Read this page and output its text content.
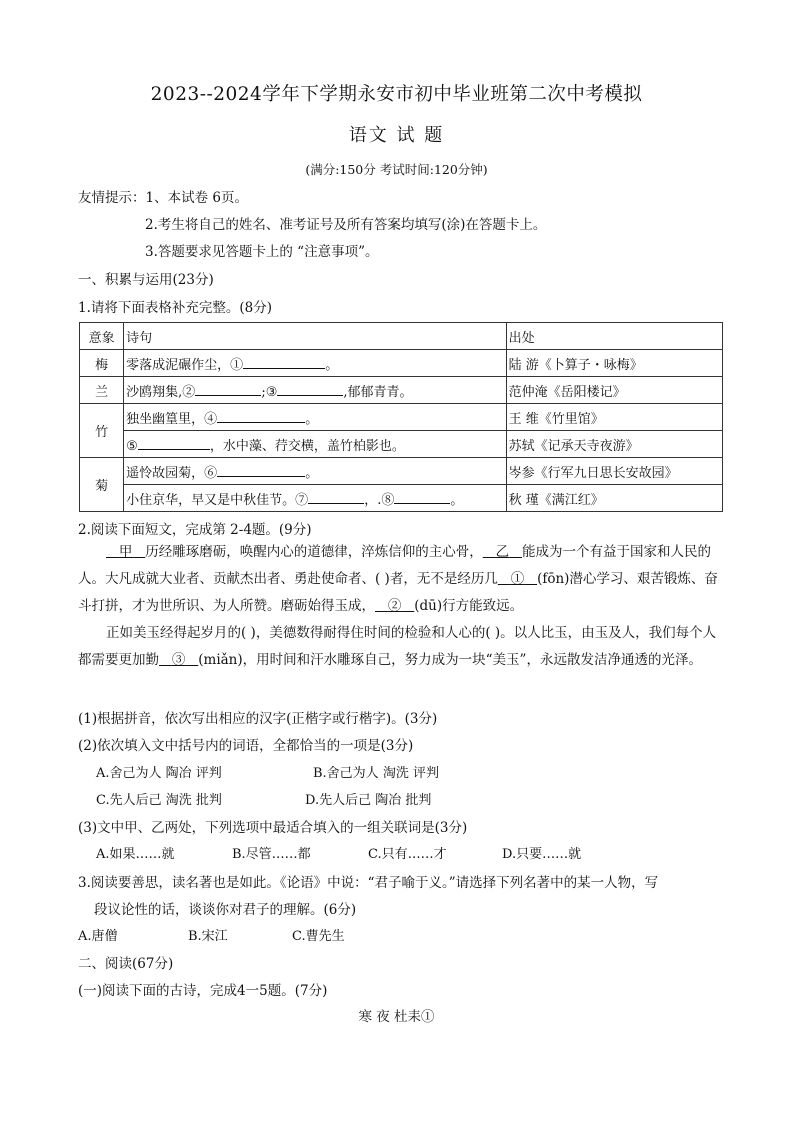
2023--2024学年下学期永安市初中毕业班第二次中考模拟
语文 试 题
(满分:150分 考试时间:120分钟)
友情提示：1、本试卷 6页。
2.考生将自己的姓名、准考证号及所有答案均填写(涂)在答题卡上。
3.答题要求见答题卡上的 “注意事项”。
一、积累与运用(23分)
1.请将下面表格补充完整。(8分)
意象	诗句	出处
梅	零落成泥碾作尘，① 。	陆 游《卜算子・咏梅》
兰	沙鸥翔集,② ;③ ,郁郁青青。	范仲淹《岳阳楼记》
竹	独坐幽篁里，④ 。	王 维《竹里馆》
	⑤ ，水中藻、荇交横，盖竹柏影也。	苏轼《记承天寺夜游》
菊	遥怜故园菊，⑥ 。	岑参《行军九日思长安故园》
	小住京华，早又是中秋佳节。⑦ ，.⑧ 。	秋 瑾《满江红》
2.阅读下面短文，完成第 2-4题。(9分)
甲 历经雕琢磨砺，唤醒内心的道德律，淬炼信仰的主心骨， 乙 能成为一个有益于国家和人民的人。大凡成就大业者、贡献杰出者、勇赴使命者、( )者，无不是经历几 ① (fōn)潜心学习、艰苦锻炼、奋斗打拼，才为世所识、为人所赞。磨砺始得玉成， ② (dū)行方能致远。
正如美玉经得起岁月的( )，美德数得耐得住时间的检验和人心的( )。以人比玉，由玉及人，我们每个人都需要更加勤 ③ (miǎn)，用时间和汗水雕琢自己，努力成为一块“美玉”，永远散发洁净通透的光泽。
(1)根据拼音，依次写出相应的汉字(正楷字或行楷字)。(3分)
(2)依次填入文中括号内的词语，全都恰当的一项是(3分)
A.舍己为人 陶冶 评判	B.舍己为人 淘洗 评判
C.先人后己 淘洗 批判	D.先人后己 陶冶 批判
(3)文中甲、乙两处，下列选项中最适合填入的一组关联词是(3分)
A.如果……就	B.尽管……都	C.只有……才	D.只要……就
3.阅读要善思，读名著也是如此。《论语》中说：“君子喻于义。”请选择下列名著中的某一人物，写
段议论性的话，谈谈你对君子的理解。(6分)
A.唐僧	B.宋江	C.曹先生
二、阅读(67分)
(一)阅读下面的古诗，完成4一5题。(7分)
寒 夜 杜耒①
